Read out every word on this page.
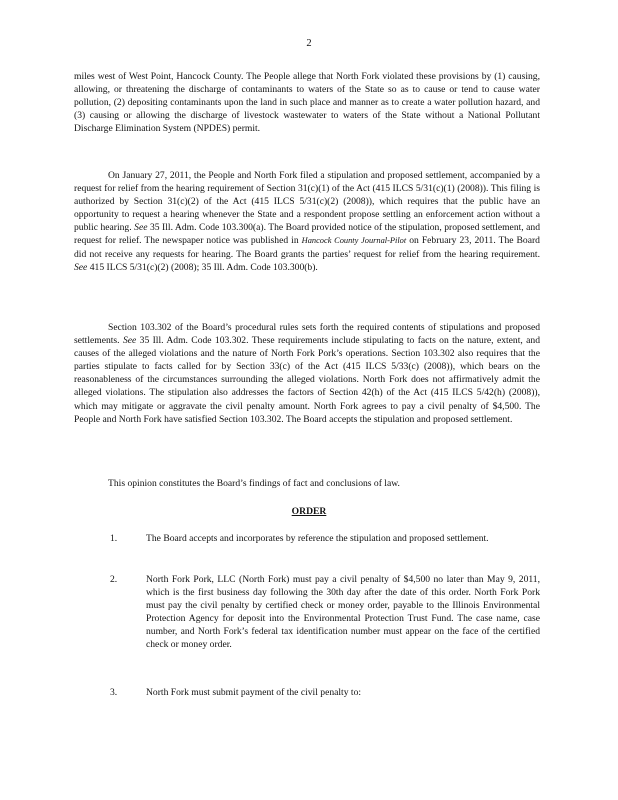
2

miles west of West Point, Hancock County. The People allege that North Fork violated these provisions by (1) causing, allowing, or threatening the discharge of contaminants to waters of the State so as to cause or tend to cause water pollution, (2) depositing contaminants upon the land in such place and manner as to create a water pollution hazard, and (3) causing or allowing the discharge of livestock wastewater to waters of the State without a National Pollutant Discharge Elimination System (NPDES) permit.

On January 27, 2011, the People and North Fork filed a stipulation and proposed settlement, accompanied by a request for relief from the hearing requirement of Section 31(c)(1) of the Act (415 ILCS 5/31(c)(1) (2008)). This filing is authorized by Section 31(c)(2) of the Act (415 ILCS 5/31(c)(2) (2008)), which requires that the public have an opportunity to request a hearing whenever the State and a respondent propose settling an enforcement action without a public hearing. See 35 Ill. Adm. Code 103.300(a). The Board provided notice of the stipulation, proposed settlement, and request for relief. The newspaper notice was published in Hancock County Journal-Pilot on February 23, 2011. The Board did not receive any requests for hearing. The Board grants the parties’ request for relief from the hearing requirement. See 415 ILCS 5/31(c)(2) (2008); 35 Ill. Adm. Code 103.300(b).

Section 103.302 of the Board’s procedural rules sets forth the required contents of stipulations and proposed settlements. See 35 Ill. Adm. Code 103.302. These requirements include stipulating to facts on the nature, extent, and causes of the alleged violations and the nature of North Fork Pork’s operations. Section 103.302 also requires that the parties stipulate to facts called for by Section 33(c) of the Act (415 ILCS 5/33(c) (2008)), which bears on the reasonableness of the circumstances surrounding the alleged violations. North Fork does not affirmatively admit the alleged violations. The stipulation also addresses the factors of Section 42(h) of the Act (415 ILCS 5/42(h) (2008)), which may mitigate or aggravate the civil penalty amount. North Fork agrees to pay a civil penalty of $4,500. The People and North Fork have satisfied Section 103.302. The Board accepts the stipulation and proposed settlement.

This opinion constitutes the Board’s findings of fact and conclusions of law.

ORDER
1.	The Board accepts and incorporates by reference the stipulation and proposed settlement.
2.	North Fork Pork, LLC (North Fork) must pay a civil penalty of $4,500 no later than May 9, 2011, which is the first business day following the 30th day after the date of this order. North Fork Pork must pay the civil penalty by certified check or money order, payable to the Illinois Environmental Protection Agency for deposit into the Environmental Protection Trust Fund. The case name, case number, and North Fork’s federal tax identification number must appear on the face of the certified check or money order.
3.	North Fork must submit payment of the civil penalty to:
